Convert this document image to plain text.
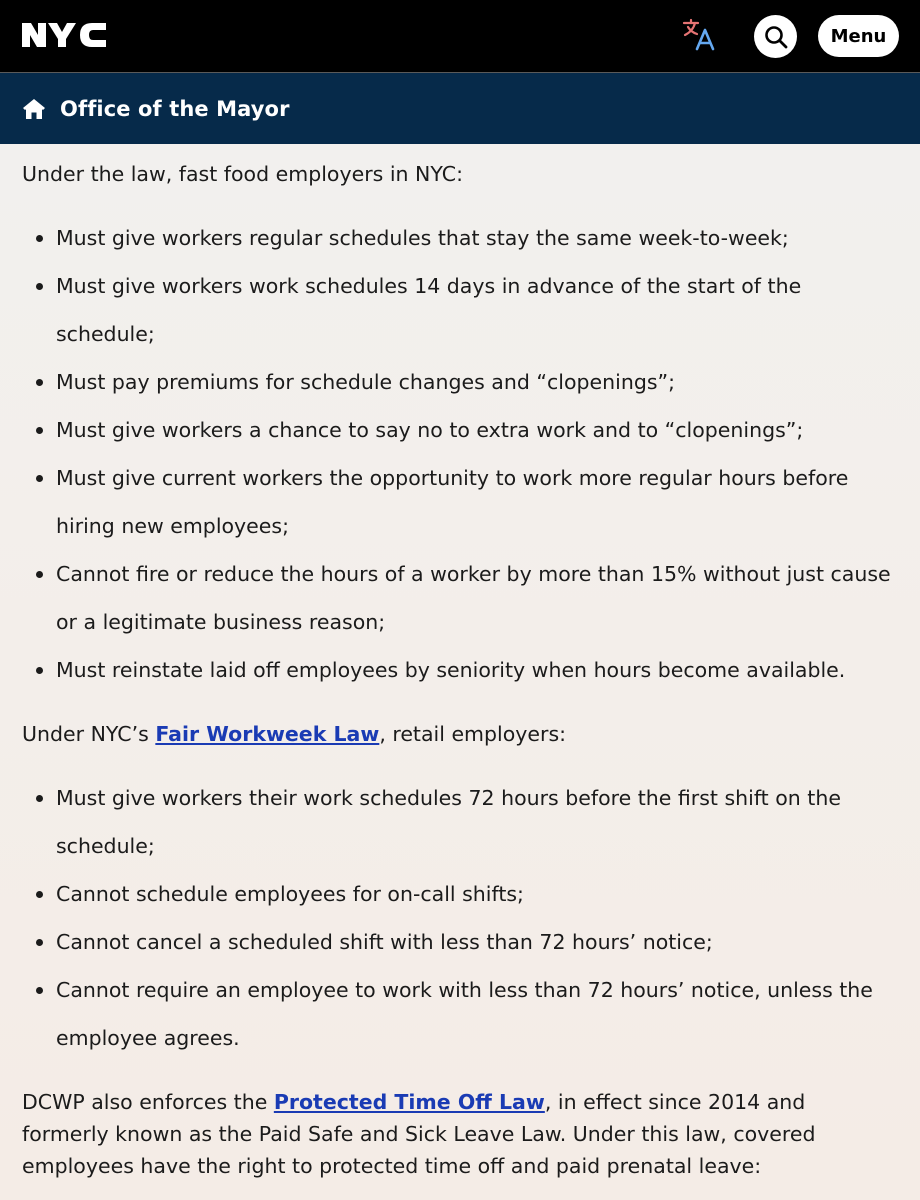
Menu
Office of the Mayor

Under the law, fast food employers in NYC:

Must give workers regular schedules that stay the same week-to-week;
Must give workers work schedules 14 days in advance of the start of the schedule;
Must pay premiums for schedule changes and “clopenings”;
Must give workers a chance to say no to extra work and to “clopenings”;
Must give current workers the opportunity to work more regular hours before hiring new employees;
Cannot fire or reduce the hours of a worker by more than 15% without just cause or a legitimate business reason;
Must reinstate laid off employees by seniority when hours become available.

Under NYC’s Fair Workweek Law, retail employers:

Must give workers their work schedules 72 hours before the first shift on the schedule;
Cannot schedule employees for on-call shifts;
Cannot cancel a scheduled shift with less than 72 hours’ notice;
Cannot require an employee to work with less than 72 hours’ notice, unless the employee agrees.

DCWP also enforces the Protected Time Off Law, in effect since 2014 and formerly known as the Paid Safe and Sick Leave Law. Under this law, covered employees have the right to protected time off and paid prenatal leave:
